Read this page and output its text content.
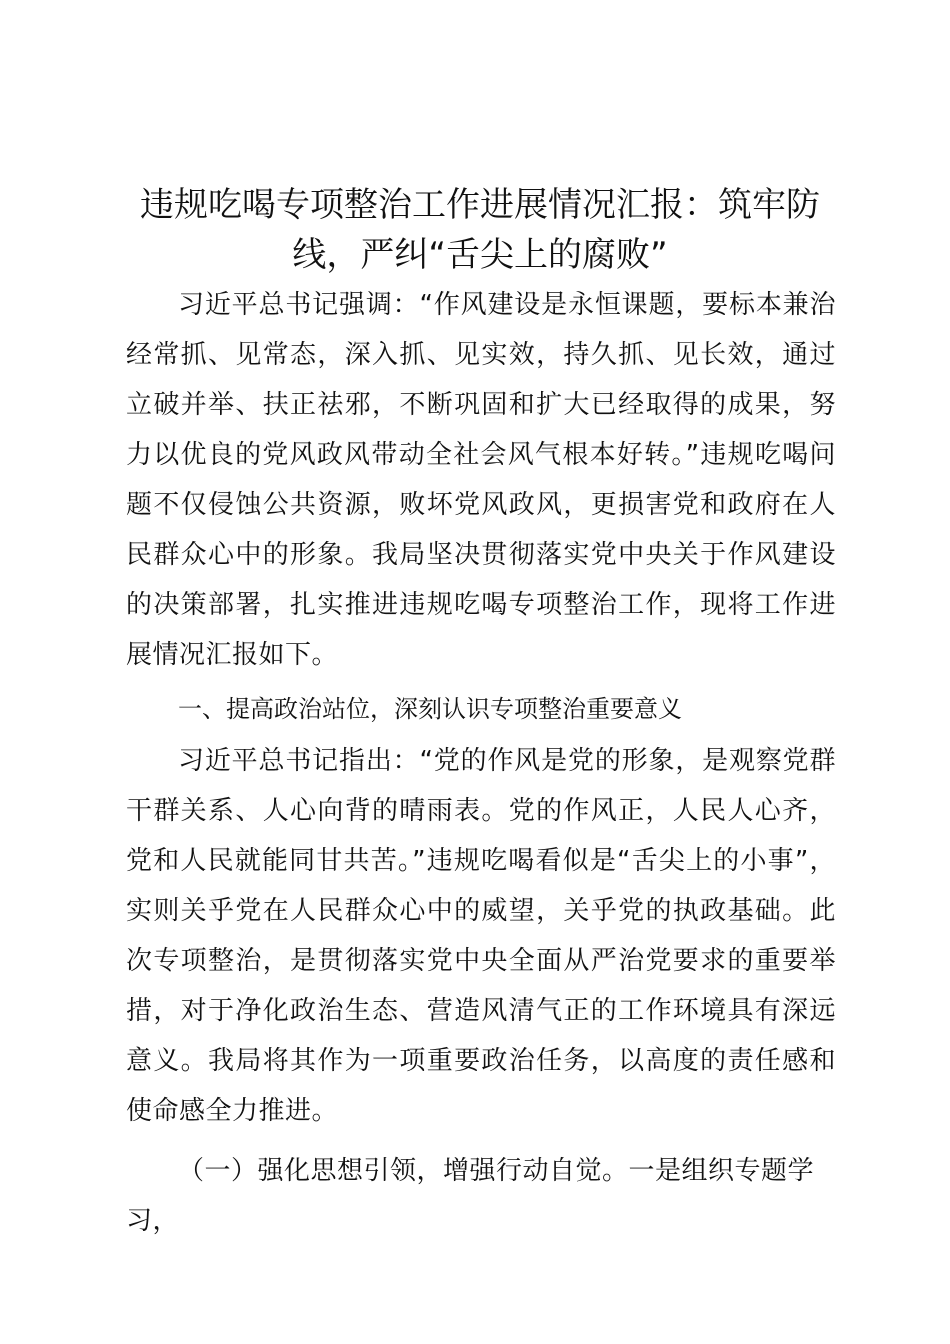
违规吃喝专项整治工作进展情况汇报：筑牢防线，严纠“舌尖上的腐败”

习近平总书记强调：“作风建设是永恒课题，要标本兼治经常抓、见常态，深入抓、见实效，持久抓、见长效，通过立破并举、扶正祛邪，不断巩固和扩大已经取得的成果，努力以优良的党风政风带动全社会风气根本好转。”违规吃喝问题不仅侵蚀公共资源，败坏党风政风，更损害党和政府在人民群众心中的形象。我局坚决贯彻落实党中央关于作风建设的决策部署，扎实推进违规吃喝专项整治工作，现将工作进展情况汇报如下。

一、提高政治站位，深刻认识专项整治重要意义

习近平总书记指出：“党的作风是党的形象，是观察党群干群关系、人心向背的晴雨表。党的作风正，人民人心齐，党和人民就能同甘共苦。”违规吃喝看似是“舌尖上的小事”，实则关乎党在人民群众心中的威望，关乎党的执政基础。此次专项整治，是贯彻落实党中央全面从严治党要求的重要举措，对于净化政治生态、营造风清气正的工作环境具有深远意义。我局将其作为一项重要政治任务，以高度的责任感和使命感全力推进。

（一）强化思想引领，增强行动自觉。一是组织专题学习，
